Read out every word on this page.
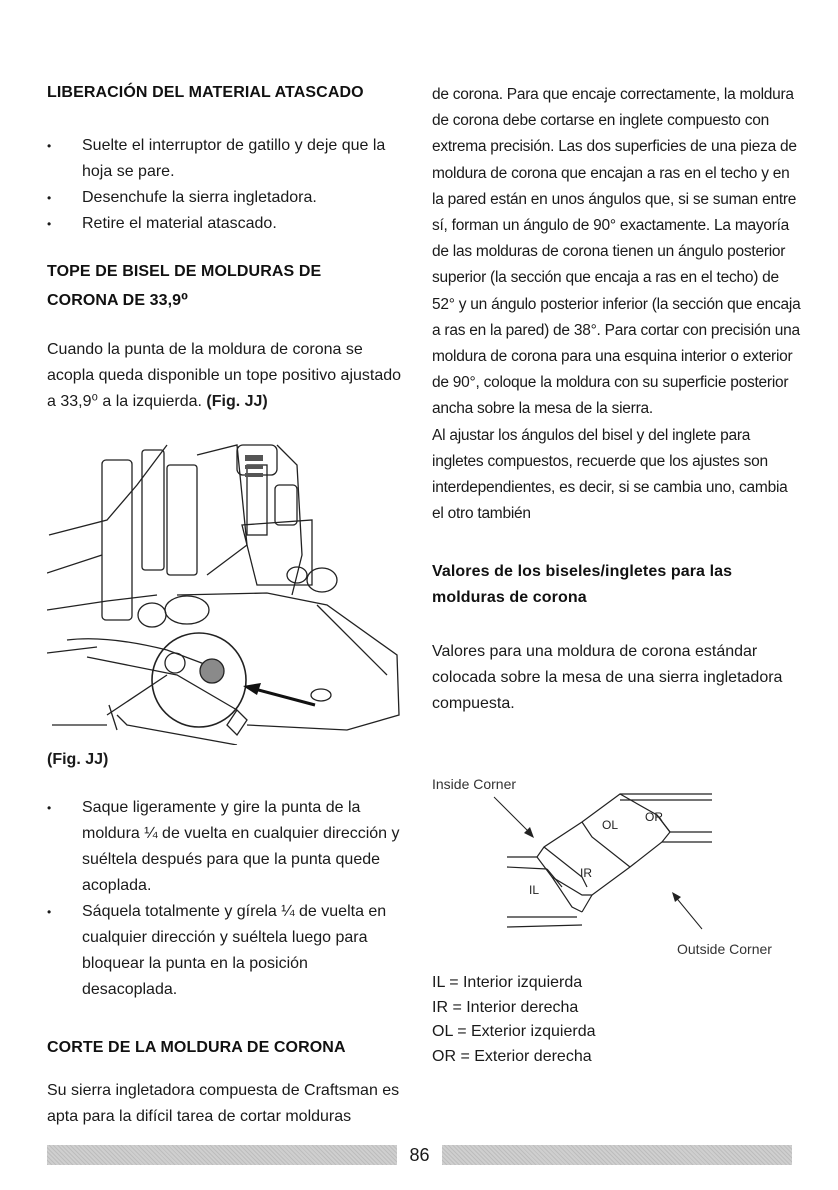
LIBERACIÓN DEL MATERIAL ATASCADO
• Suelte el interruptor de gatillo y deje que la hoja se pare.
• Desenchufe la sierra ingletadora.
• Retire el material atascado.
TOPE DE BISEL DE MOLDURAS DE
CORONA DE 33,9⁰

Cuando la punta de la moldura de corona se acopla queda disponible un tope positivo ajustado a 33,9⁰ a la izquierda. (Fig. JJ)

(Fig. JJ)
• Saque ligeramente y gire la punta de la moldura ¼ de vuelta en cualquier dirección y suéltela después para que la punta quede acoplada.
• Sáquela totalmente y gírela ¼ de vuelta en cualquier dirección y suéltela luego para bloquear la punta en la posición desacoplada.
CORTE DE LA MOLDURA DE CORONA

Su sierra ingletadora compuesta de Craftsman es apta para la difícil tarea de cortar molduras

de corona. Para que encaje correctamente, la moldura de corona debe cortarse en inglete compuesto con extrema precisión. Las dos superficies de una pieza de moldura de corona que encajan a ras en el techo y en la pared están en unos ángulos que, si se suman entre sí, forman un ángulo de 90° exactamente. La mayoría de las molduras de corona tienen un ángulo posterior superior (la sección que encaja a ras en el techo) de 52° y un ángulo posterior inferior (la sección que encaja a ras en la pared) de 38°. Para cortar con precisión una moldura de corona para una esquina interior o exterior de 90°, coloque la moldura con su superficie posterior ancha sobre la mesa de la sierra.

Al ajustar los ángulos del bisel y del inglete para ingletes compuestos, recuerde que los ajustes son interdependientes, es decir, si se cambia uno, cambia el otro también

Valores de los biseles/ingletes para las molduras de corona

Valores para una moldura de corona estándar colocada sobre la mesa de una sierra ingletadora compuesta.

Inside Corner
OR
OL
IR
IL
Outside Corner
IL = Interior izquierda
IR = Interior derecha
OL = Exterior izquierda
OR = Exterior derecha
86
